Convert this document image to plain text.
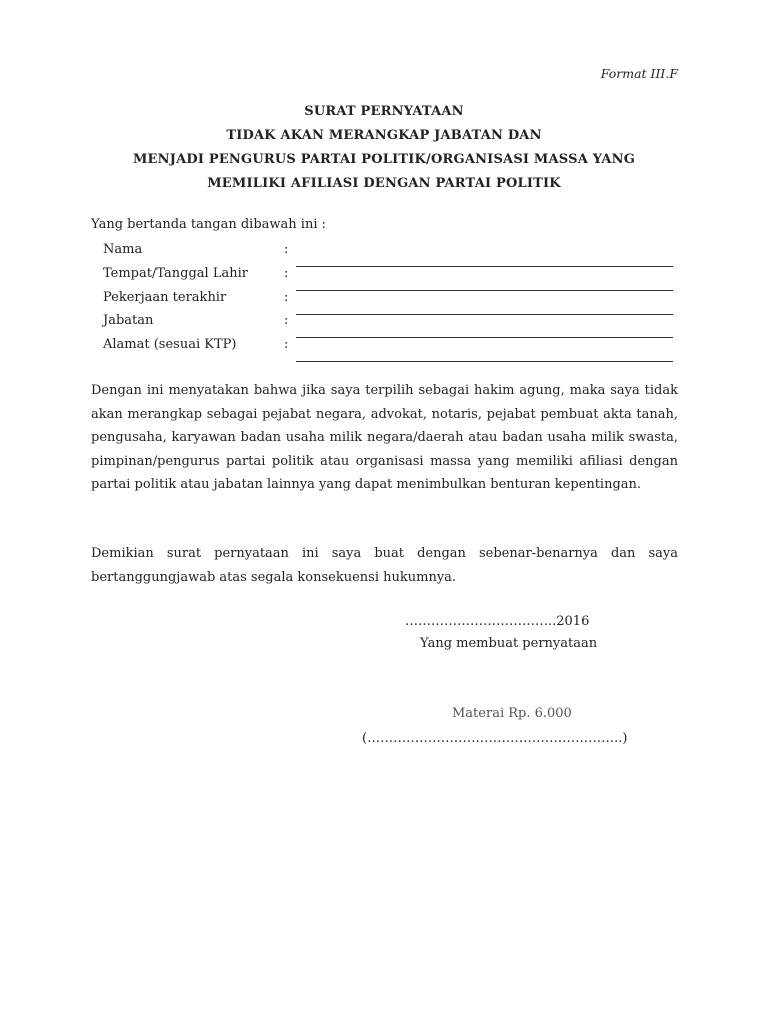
Format III.F
SURAT PERNYATAAN
TIDAK AKAN MERANGKAP JABATAN DAN
MENJADI PENGURUS PARTAI POLITIK/ORGANISASI MASSA YANG
MEMILIKI AFILIASI DENGAN PARTAI POLITIK
Yang bertanda tangan dibawah ini :
Nama	:
Tempat/Tanggal Lahir	:
Pekerjaan terakhir	:
Jabatan	:
Alamat (sesuai KTP)	:
Dengan ini menyatakan bahwa jika saya terpilih sebagai hakim agung, maka saya tidak akan merangkap sebagai pejabat negara, advokat, notaris, pejabat pembuat akta tanah, pengusaha, karyawan badan usaha milik negara/daerah atau badan usaha milik swasta, pimpinan/pengurus partai politik atau organisasi massa yang memiliki afiliasi dengan partai politik atau jabatan lainnya yang dapat menimbulkan benturan kepentingan.
Demikian surat pernyataan ini saya buat dengan sebenar-benarnya dan saya bertanggungjawab atas segala konsekuensi hukumnya.
……………………………..2016
Yang membuat pernyataan
Materai Rp. 6.000
(…………………………………………………..)
